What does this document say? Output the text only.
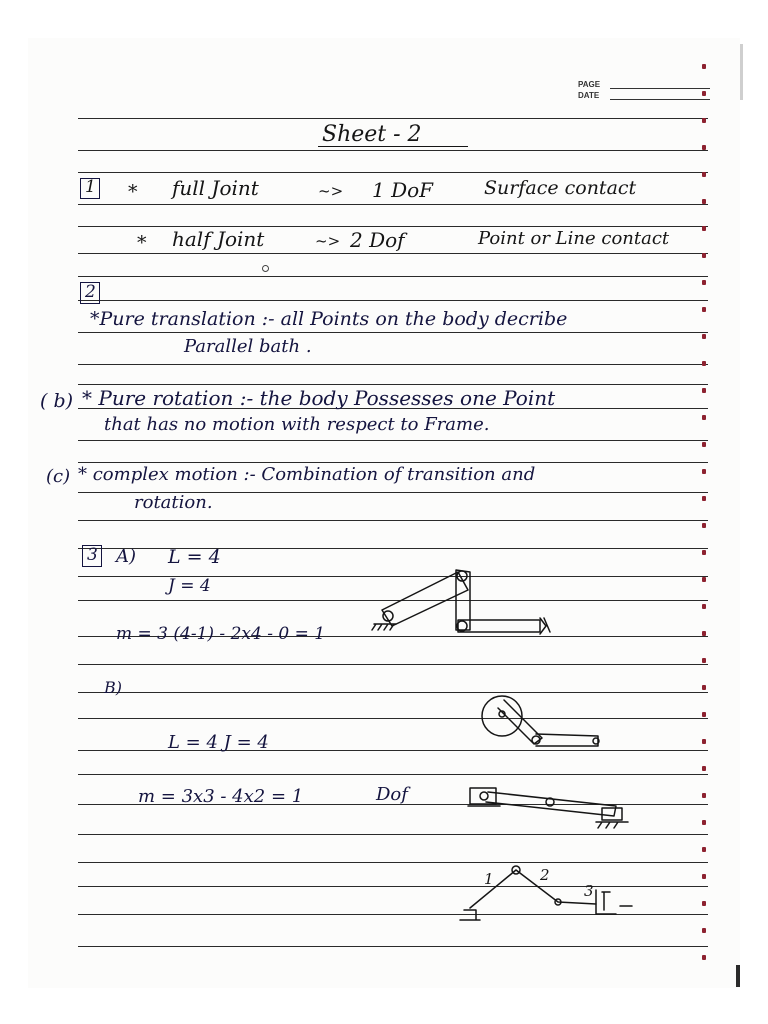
PAGE
DATE
Sheet - 2
1 * full Joint	~> 1 DoF	Surface contact
* half Joint	~> 2 Dof	Point or Line contact
2
*Pure translation :- all Points on the body decribe
Parallel bath .
( b) * Pure rotation :- the body Possesses one Point
that has no motion with respect to Frame.
(c) * complex motion :- Combination of transition and
rotation.
3 A) L = 4
J = 4
m = 3 (4-1) - 2x4 - 0 = 1
B)
L = 4 J = 4
m = 3x3 - 4x2 = 1	Dof
1	2
3
